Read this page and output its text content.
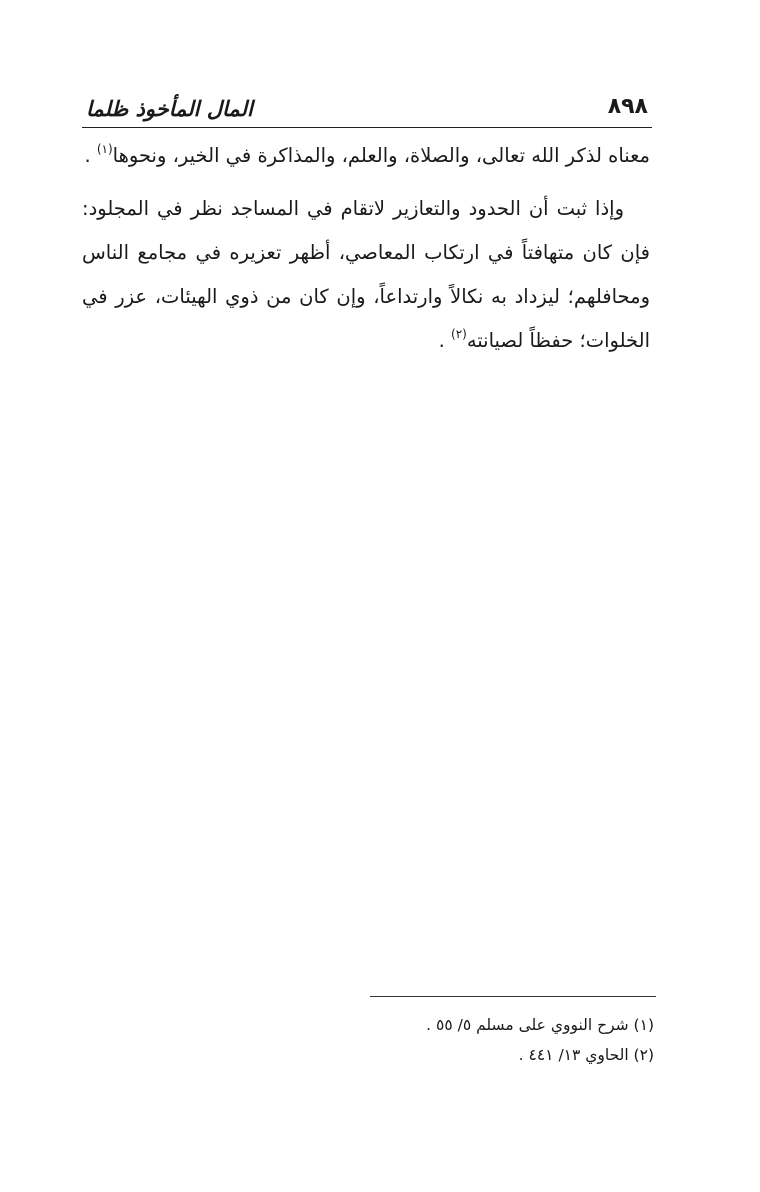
المال المأخوذ ظلما	٨٩٨

معناه لذكر الله تعالى، والصلاة، والعلم، والمذاكرة في الخير، ونحوها$^{(١)}$ .

وإذا ثبت أن الحدود والتعازير لاتقام في المساجد نظر في المجلود: فإن كان متهافتاً في ارتكاب المعاصي، أظهر تعزيره في مجامع الناس ومحافلهم؛ ليزداد به نكالاً وارتداعاً، وإن كان من ذوي الهيئات، عزر في الخلوات؛ حفظاً لصيانته$^{(٢)}$ .

(١) شرح النووي على مسلم ٥/ ٥٥ .

(٢) الحاوي ١٣/ ٤٤١ .
